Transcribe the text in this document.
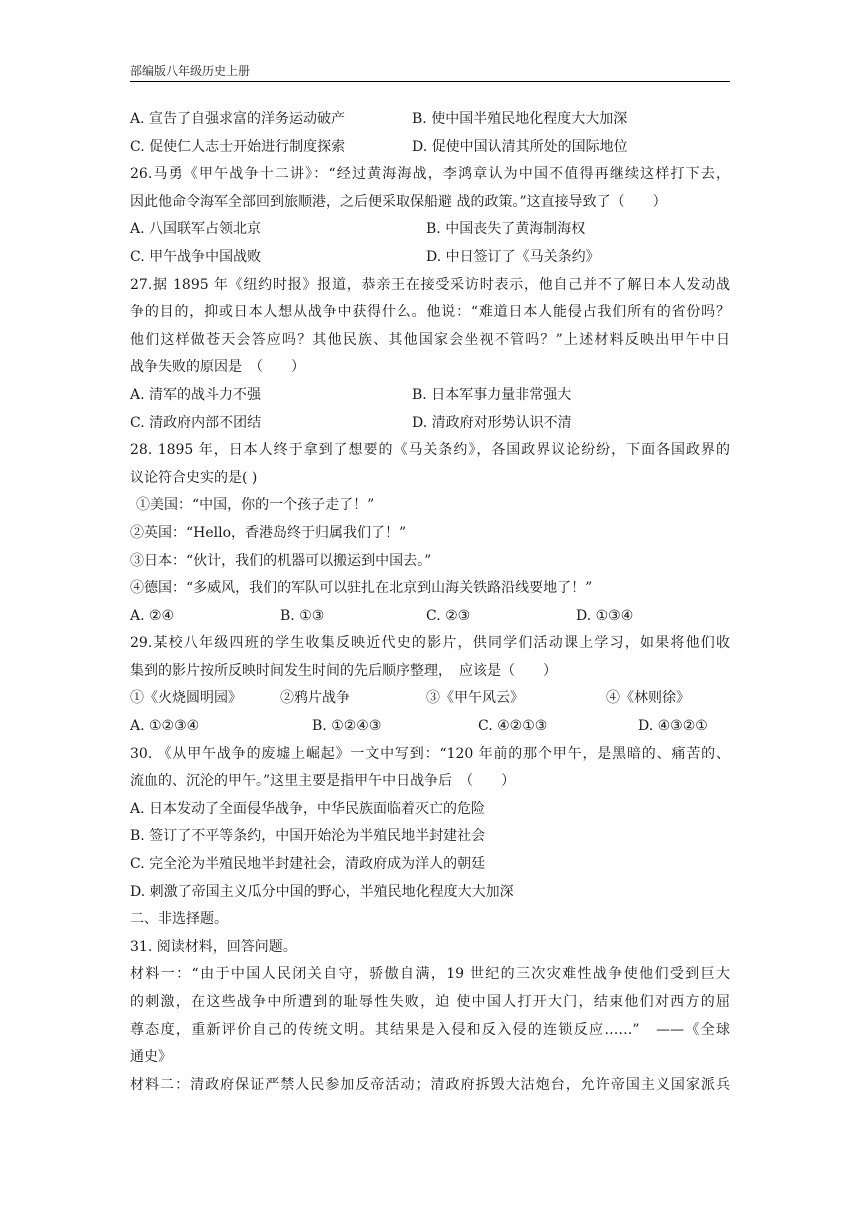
部编版八年级历史上册
A. 宣告了自强求富的洋务运动破产	B. 使中国半殖民地化程度大大加深
C. 促使仁人志士开始进行制度探索	D. 促使中国认清其所处的国际地位
26.马勇《甲午战争十二讲》：“经过黄海海战，李鸿章认为中国不值得再继续这样打下去，
因此他命令海军全部回到旅顺港，之后便采取保船避 战的政策。”这直接导致了（　　）
A. 八国联军占领北京	B. 中国丧失了黄海制海权
C. 甲午战争中国战败	D. 中日签订了《马关条约》
27.据 1895 年《纽约时报》报道，恭亲王在接受采访时表示，他自己并不了解日本人发动战
争的目的，抑或日本人想从战争中获得什么。他说：“难道日本人能侵占我们所有的省份吗？
他们这样做苍天会答应吗？其他民族、其他国家会坐视不管吗？”上述材料反映出甲午中日
战争失败的原因是　（　　）
A. 清军的战斗力不强	B. 日本军事力量非常强大
C. 清政府内部不团结	D. 清政府对形势认识不清
28. 1895 年，日本人终于拿到了想要的《马关条约》，各国政界议论纷纷，下面各国政界的
议论符合史实的是( )
①美国：“中国，你的一个孩子走了！”
②英国：“Hello，香港岛终于归属我们了！”
③日本：“伙计，我们的机器可以搬运到中国去。”
④德国：“多威风，我们的军队可以驻扎在北京到山海关铁路沿线要地了！”
A. ②④	B. ①③	C. ②③	D. ①③④
29.某校八年级四班的学生收集反映近代史的影片，供同学们活动课上学习，如果将他们收
集到的影片按所反映时间发生时间的先后顺序整理，　应该是（　　）
①《火烧圆明园》	②鸦片战争	③《甲午风云》	④《林则徐》
A. ①②③④	B. ①②④③	C. ④②①③	D. ④③②①
30. 《从甲午战争的废墟上崛起》一文中写到：“120 年前的那个甲午，是黑暗的、痛苦的、
流血的、沉沦的甲午。”这里主要是指甲午中日战争后　（　　）
A. 日本发动了全面侵华战争，中华民族面临着灭亡的危险
B. 签订了不平等条约，中国开始沦为半殖民地半封建社会
C. 完全沦为半殖民地半封建社会，清政府成为洋人的朝廷
D. 刺激了帝国主义瓜分中国的野心，半殖民地化程度大大加深
二、非选择题。
31. 阅读材料，回答问题。
材料一：“由于中国人民闭关自守，骄傲自满，19 世纪的三次灾难性战争使他们受到巨大
的刺激，在这些战争中所遭到的耻辱性失败，迫 使中国人打开大门，结束他们对西方的屈
尊态度，重新评价自己的传统文明。其结果是入侵和反入侵的连锁反应……”　——《全球
通史》
材料二：清政府保证严禁人民参加反帝活动；清政府拆毁大沽炮台，允许帝国主义国家派兵
